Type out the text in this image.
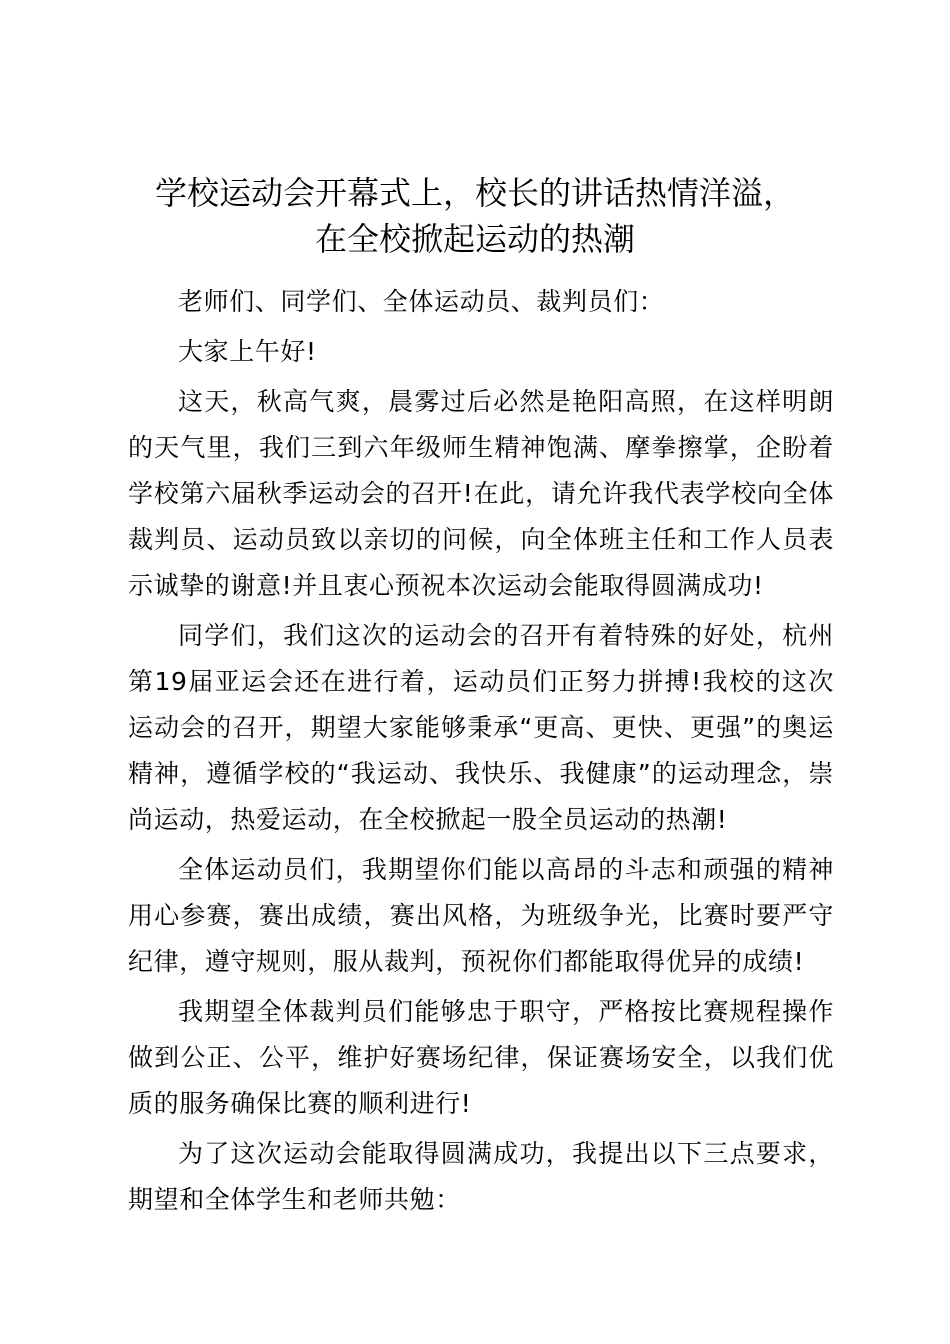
学校运动会开幕式上，校长的讲话热情洋溢，
在全校掀起运动的热潮

老师们、同学们、全体运动员、裁判员们：

大家上午好!

这天，秋高气爽，晨雾过后必然是艳阳高照，在这样明朗的天气里，我们三到六年级师生精神饱满、摩拳擦掌，企盼着学校第六届秋季运动会的召开!在此，请允许我代表学校向全体裁判员、运动员致以亲切的问候，向全体班主任和工作人员表示诚挚的谢意!并且衷心预祝本次运动会能取得圆满成功!

同学们，我们这次的运动会的召开有着特殊的好处，杭州第19届亚运会还在进行着，运动员们正努力拼搏!我校的这次运动会的召开，期望大家能够秉承“更高、更快、更强”的奥运精神，遵循学校的“我运动、我快乐、我健康”的运动理念，崇尚运动，热爱运动，在全校掀起一股全员运动的热潮!

全体运动员们，我期望你们能以高昂的斗志和顽强的精神用心参赛，赛出成绩，赛出风格，为班级争光，比赛时要严守纪律，遵守规则，服从裁判，预祝你们都能取得优异的成绩!

我期望全体裁判员们能够忠于职守，严格按比赛规程操作做到公正、公平，维护好赛场纪律，保证赛场安全，以我们优质的服务确保比赛的顺利进行!

为了这次运动会能取得圆满成功，我提出以下三点要求，期望和全体学生和老师共勉：
